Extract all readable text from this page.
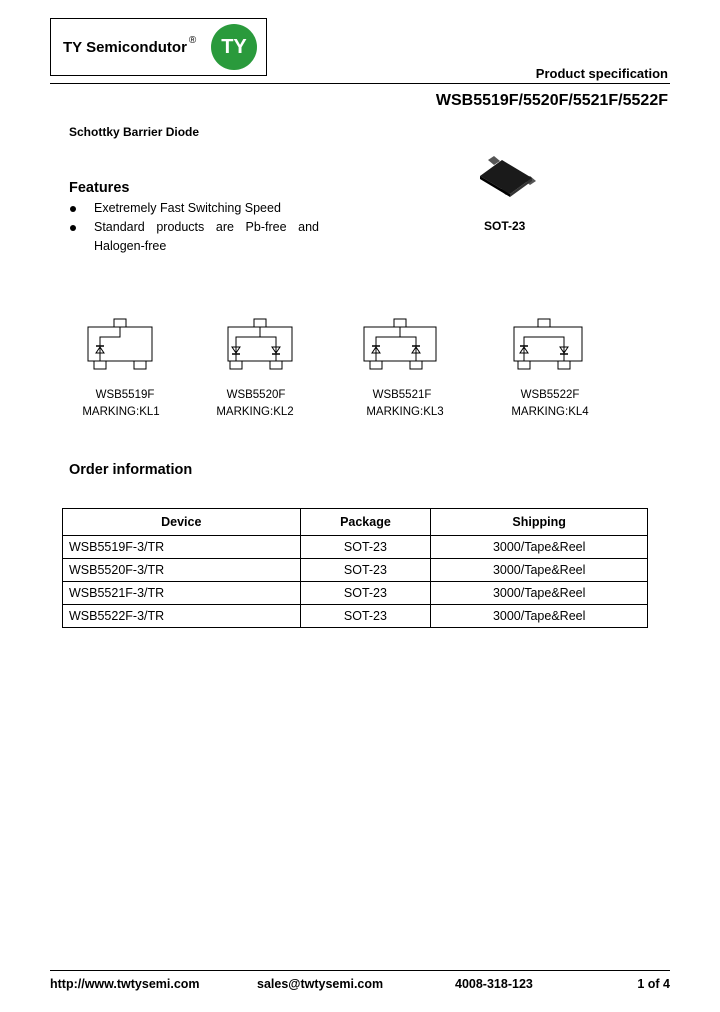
TY Semicondutor ®	TY
Product specification
WSB5519F/5520F/5521F/5522F
Schottky Barrier Diode
Features
Exetremely Fast Switching Speed
Standard products are Pb-free and
Halogen-free
SOT-23
WSB5519F
MARKING:KL1
WSB5520F
MARKING:KL2
WSB5521F
MARKING:KL3
WSB5522F
MARKING:KL4
Order information
Device	Package	Shipping
WSB5519F-3/TR	SOT-23	3000/Tape&Reel
WSB5520F-3/TR	SOT-23	3000/Tape&Reel
WSB5521F-3/TR	SOT-23	3000/Tape&Reel
WSB5522F-3/TR	SOT-23	3000/Tape&Reel
http://www.twtysemi.com	sales@twtysemi.com	4008-318-123	1 of 4
